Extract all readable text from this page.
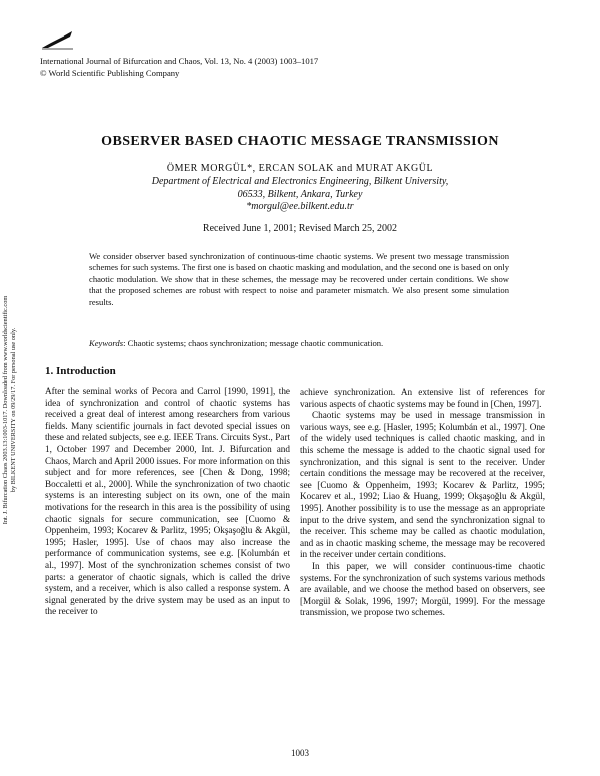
International Journal of Bifurcation and Chaos, Vol. 13, No. 4 (2003) 1003–1017
© World Scientific Publishing Company
Int. J. Bifurcation Chaos 2003.13:1003-1017. Downloaded from www.worldscientific.com by BILKENT UNIVERSITY on 09/29/17. For personal use only.
OBSERVER BASED CHAOTIC MESSAGE TRANSMISSION
ÖMER MORGÜL*, ERCAN SOLAK and MURAT AKGÜL
Department of Electrical and Electronics Engineering, Bilkent University,
06533, Bilkent, Ankara, Turkey
*morgul@ee.bilkent.edu.tr
Received June 1, 2001; Revised March 25, 2002
We consider observer based synchronization of continuous-time chaotic systems. We present two message transmission schemes for such systems. The first one is based on chaotic masking and modulation, and the second one is based on only chaotic modulation. We show that in these schemes, the message may be recovered under certain conditions. We show that the proposed schemes are robust with respect to noise and parameter mismatch. We also present some simulation results.
Keywords: Chaotic systems; chaos synchronization; message chaotic communication.
1. Introduction

After the seminal works of Pecora and Carrol [1990, 1991], the idea of synchronization and control of chaotic systems has received a great deal of interest among researchers from various fields. Many scientific journals in fact devoted special issues on these and related subjects, see e.g. IEEE Trans. Circuits Syst., Part 1, October 1997 and December 2000, Int. J. Bifurcation and Chaos, March and April 2000 issues. For more information on this subject and for more references, see [Chen & Dong, 1998; Boccaletti et al., 2000]. While the synchronization of two chaotic systems is an interesting subject on its own, one of the main motivations for the research in this area is the possibility of using chaotic signals for secure communication, see [Cuomo & Oppenheim, 1993; Kocarev & Parlitz, 1995; Okşaşoğlu & Akgül, 1995; Hasler, 1995]. Use of chaos may also increase the performance of communication systems, see e.g. [Kolumbán et al., 1997]. Most of the synchronization schemes consist of two parts: a generator of chaotic signals, which is called the drive system, and a receiver, which is also called a response system. A signal generated by the drive system may be used as an input to the receiver to

achieve synchronization. An extensive list of references for various aspects of chaotic systems may be found in [Chen, 1997].

Chaotic systems may be used in message transmission in various ways, see e.g. [Hasler, 1995; Kolumbán et al., 1997]. One of the widely used techniques is called chaotic masking, and in this scheme the message is added to the chaotic signal used for synchronization, and this signal is sent to the receiver. Under certain conditions the message may be recovered at the receiver, see [Cuomo & Oppenheim, 1993; Kocarev & Parlitz, 1995; Kocarev et al., 1992; Liao & Huang, 1999; Okşaşoğlu & Akgül, 1995]. Another possibility is to use the message as an appropriate input to the drive system, and send the synchronization signal to the receiver. This scheme may be called as chaotic modulation, and as in chaotic masking scheme, the message may be recovered in the receiver under certain conditions.

In this paper, we will consider continuous-time chaotic systems. For the synchronization of such systems various methods are available, and we choose the method based on observers, see [Morgül & Solak, 1996, 1997; Morgül, 1999]. For the message transmission, we propose two schemes.

1003
